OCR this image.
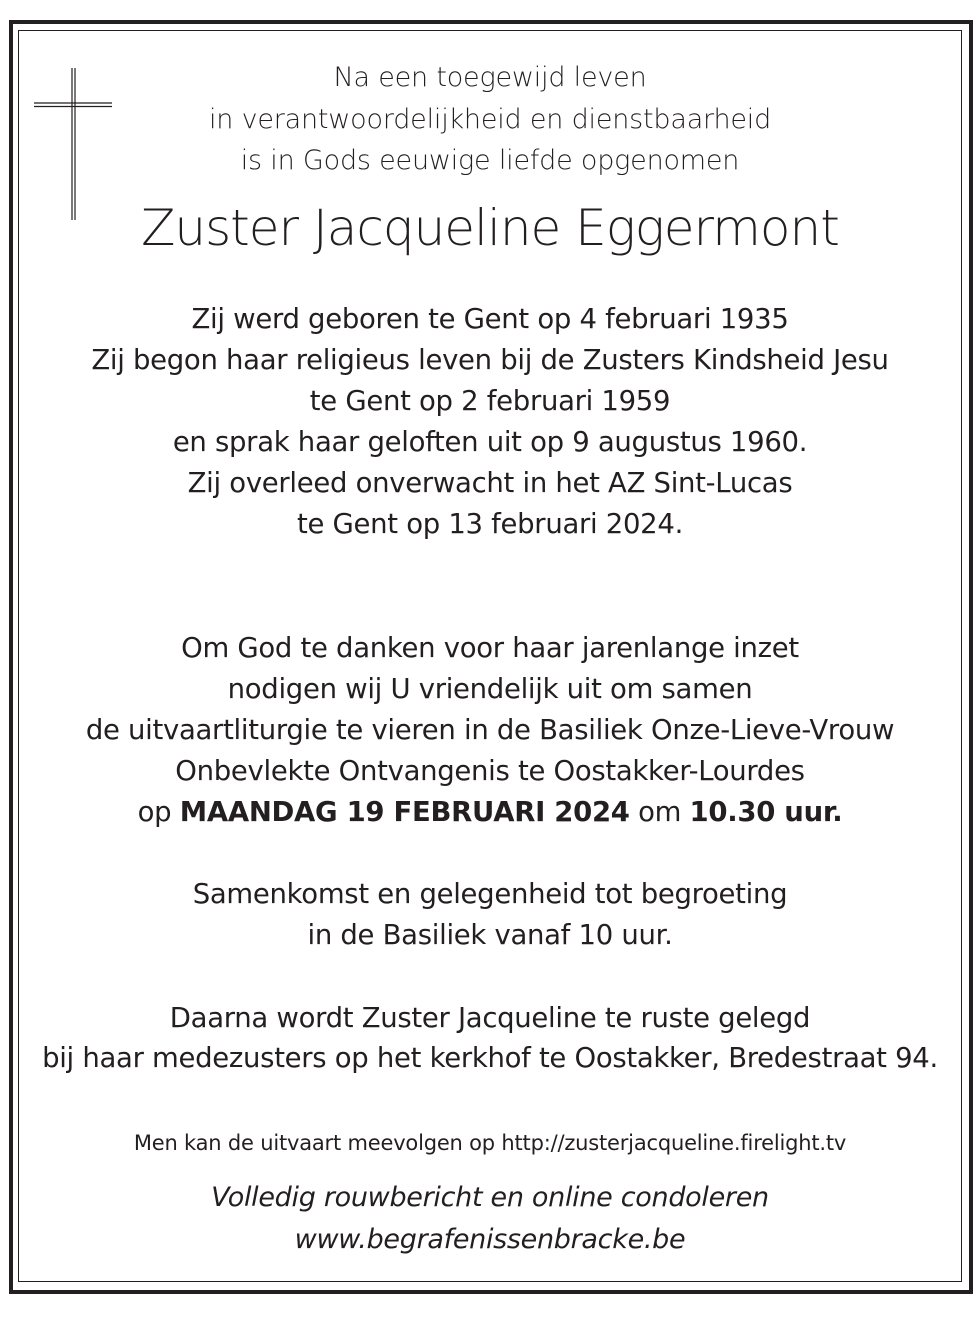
Na een toegewijd leven
in verantwoordelijkheid en dienstbaarheid
is in Gods eeuwige liefde opgenomen
Zuster Jacqueline Eggermont
Zij werd geboren te Gent op 4 februari 1935
Zij begon haar religieus leven bij de Zusters Kindsheid Jesu
te Gent op 2 februari 1959
en sprak haar geloften uit op 9 augustus 1960.
Zij overleed onverwacht in het AZ Sint-Lucas
te Gent op 13 februari 2024.
Om God te danken voor haar jarenlange inzet
nodigen wij U vriendelijk uit om samen
de uitvaartliturgie te vieren in de Basiliek Onze-Lieve-Vrouw
Onbevlekte Ontvangenis te Oostakker-Lourdes
op MAANDAG 19 FEBRUARI 2024 om 10.30 uur.
Samenkomst en gelegenheid tot begroeting
in de Basiliek vanaf 10 uur.
Daarna wordt Zuster Jacqueline te ruste gelegd
bij haar medezusters op het kerkhof te Oostakker, Bredestraat 94.
Men kan de uitvaart meevolgen op http://zusterjacqueline.firelight.tv
Volledig rouwbericht en online condoleren
www.begrafenissenbracke.be
